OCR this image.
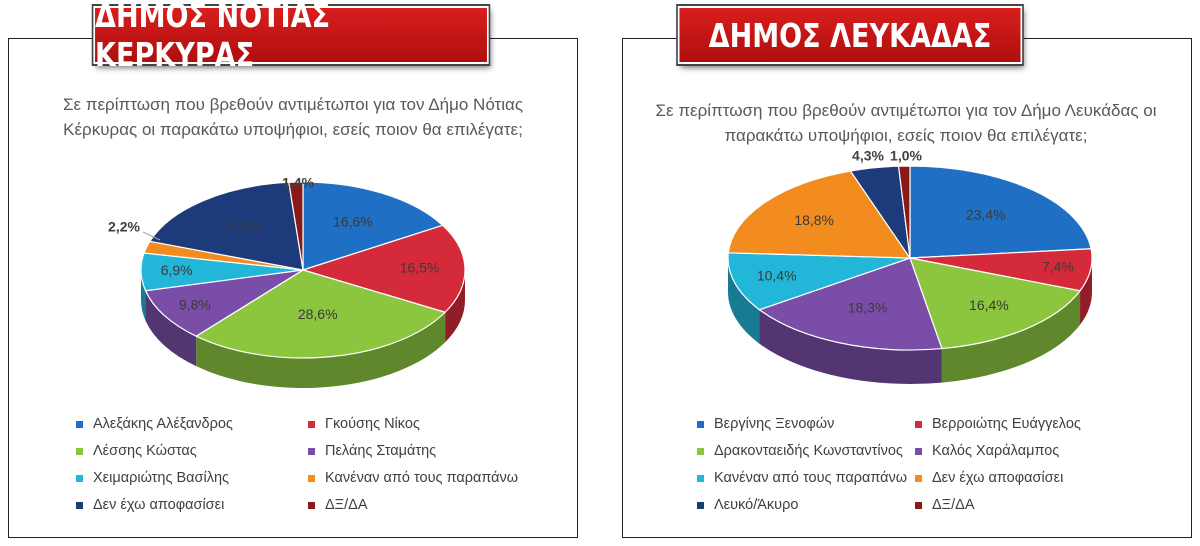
ΔΗΜΟΣ ΝΟΤΙΑΣ ΚΕΡΚΥΡΑΣ	ΔΗΜΟΣ ΛΕΥΚΑΔΑΣ
Σε περίπτωση που βρεθούν αντιμέτωποι για τον Δήμο Νότιας Κέρκυρας οι παρακάτω υποψήφιοι, εσείς ποιον θα επιλέγατε;
Σε περίπτωση που βρεθούν αντιμέτωποι για τον Δήμο Λευκάδας οι παρακάτω υποψήφιοι, εσείς ποιον θα επιλέγατε;
16,6%
16,5%
28,6%
9,8%
6,9%
2,2%	18,4%
1,4%
23,4%
7,4%
16,4%
18,3%
10,4%
18,8%
4,3% 1,0%
Αλεξάκης Αλέξανδρος	Γκούσης Νίκος
Λέσσης Κώστας	Πελάης Σταμάτης
Χειμαριώτης Βασίλης	Κανέναν από τους παραπάνω
Δεν έχω αποφασίσει	ΔΞ/ΔΑ
Βεργίνης Ξενοφών	Βερροιώτης Ευάγγελος
Δρακονταειδής Κωνσταντίνος Καλός Χαράλαμπος
Κανέναν από τους παραπάνω Δεν έχω αποφασίσει
Λευκό/Άκυρο	ΔΞ/ΔΑ
